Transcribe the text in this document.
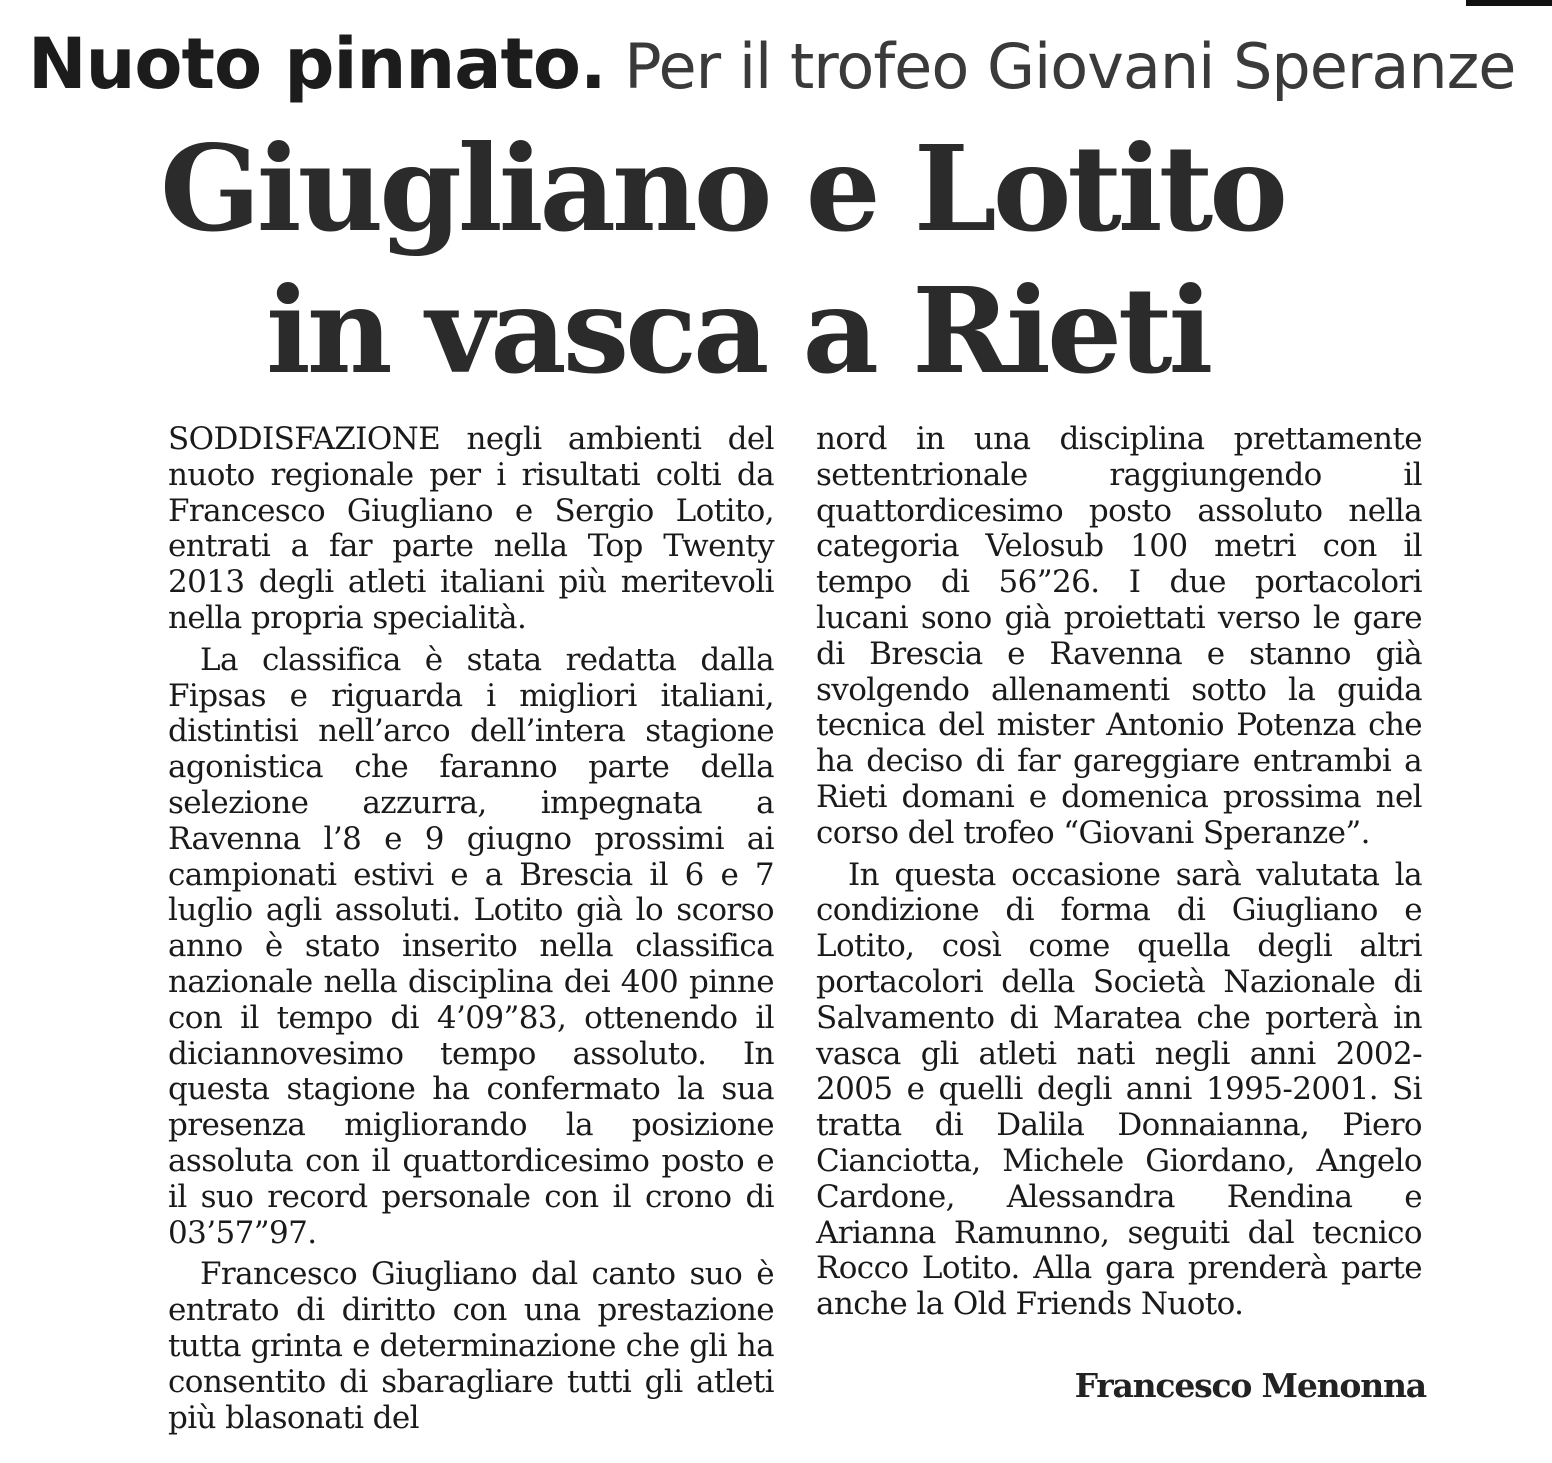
Nuoto pinnato. Per il trofeo Giovani Speranze
Giugliano e Lotito
in vasca a Rieti

SODDISFAZIONE negli ambienti del nuoto regionale per i risultati colti da Francesco Giugliano e Sergio Lotito, entrati a far parte nella Top Twenty 2013 degli atleti italiani più meritevoli nella propria specialità.

La classifica è stata redatta dalla Fipsas e riguarda i migliori italiani, distintisi nell’arco dell’intera stagione agonistica che faranno parte della selezione azzurra, impegnata a Ravenna l’8 e 9 giugno prossimi ai campionati estivi e a Brescia il 6 e 7 luglio agli assoluti. Lotito già lo scorso anno è stato inserito nella classifica nazionale nella disciplina dei 400 pinne con il tempo di 4’09”83, ottenendo il diciannovesimo tempo assoluto. In questa stagione ha confermato la sua presenza migliorando la posizione assoluta con il quattordicesimo posto e il suo record personale con il crono di 03’57”97.

Francesco Giugliano dal canto suo è entrato di diritto con una prestazione tutta grinta e determinazione che gli ha consentito di sbaragliare tutti gli atleti più blasonati del

nord in una disciplina prettamente settentrionale raggiungendo il quattordicesimo posto assoluto nella categoria Velosub 100 metri con il tempo di 56”26. I due portacolori lucani sono già proiettati verso le gare di Brescia e Ravenna e stanno già svolgendo allenamenti sotto la guida tecnica del mister Antonio Potenza che ha deciso di far gareggiare entrambi a Rieti domani e domenica prossima nel corso del trofeo “Giovani Speranze”.

In questa occasione sarà valutata la condizione di forma di Giugliano e Lotito, così come quella degli altri portacolori della Società Nazionale di Salvamento di Maratea che porterà in vasca gli atleti nati negli anni 2002-2005 e quelli degli anni 1995-2001. Si tratta di Dalila Donnaianna, Piero Cianciotta, Michele Giordano, Angelo Cardone, Alessandra Rendina e Arianna Ramunno, seguiti dal tecnico Rocco Lotito. Alla gara prenderà parte anche la Old Friends Nuoto.

Francesco Menonna
